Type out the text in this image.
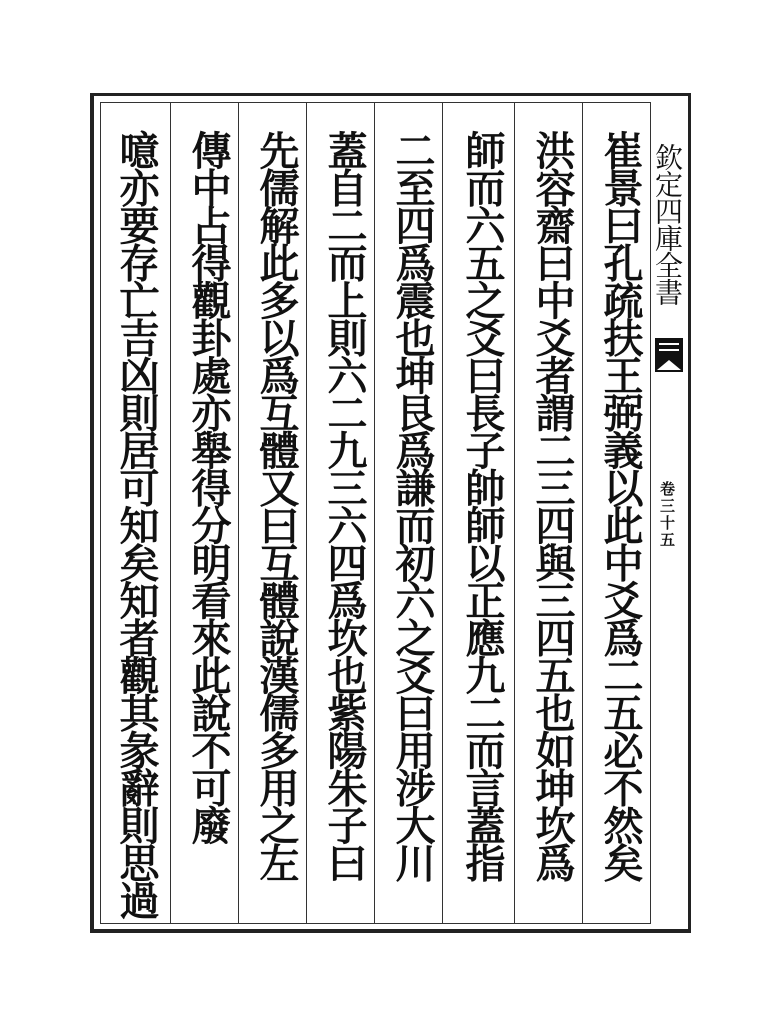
崔景曰孔疏扶王弼義以此中爻爲二五必不然矣
洪容齋曰中爻者謂二三四與三四五也如坤坎爲
師而六五之爻曰長子帥師以正應九二而言蓋指
二至四爲震也坤艮爲謙而初六之爻曰用涉大川
蓋自二而上則六二九三六四爲坎也紫陽朱子曰
先儒解此多以爲互體又曰互體說漢儒多用之左
傳中占得觀卦處亦舉得分明看來此說不可廢
噫亦要存亡吉凶則居可知矣知者觀其彖辭則思過	欽定四庫全書
卷三十五
